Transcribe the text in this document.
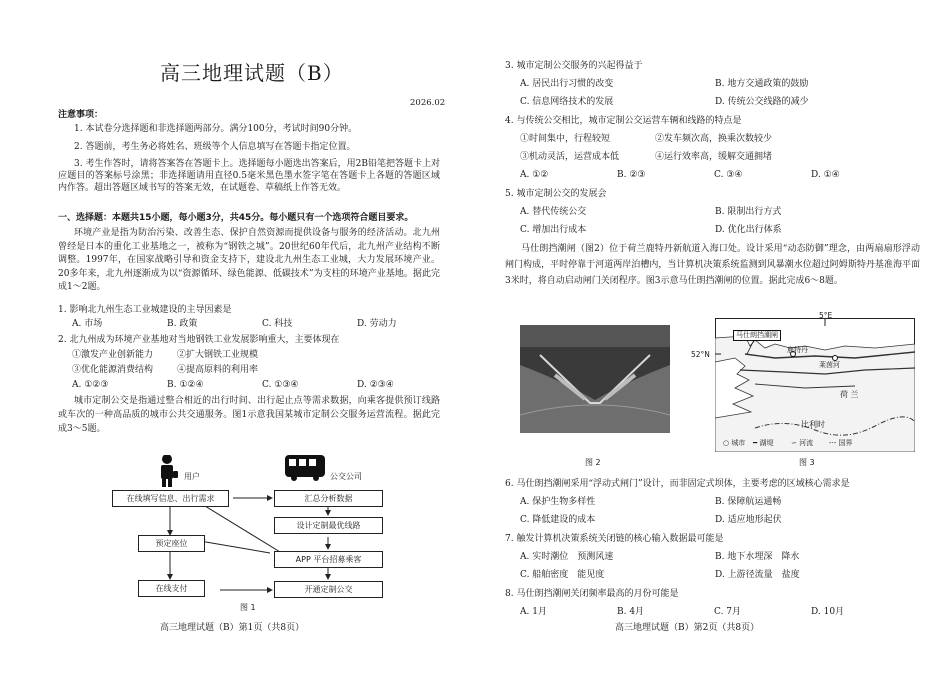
高三地理试题（B）
2026.02
注意事项：
1. 本试卷分选择题和非选择题两部分。满分100分，考试时间90分钟。
2. 答题前，考生务必将姓名、班级等个人信息填写在答题卡指定位置。
3. 考生作答时，请将答案答在答题卡上。选择题每小题选出答案后，用2B铅笔把答题卡上对应题目的答案标号涂黑；非选择题请用直径0.5毫米黑色墨水签字笔在答题卡上各题的答题区域内作答。超出答题区域书写的答案无效，在试题卷、草稿纸上作答无效。
一、选择题：本题共15小题，每小题3分，共45分。每小题只有一个选项符合题目要求。
环境产业是指为防治污染、改善生态、保护自然资源而提供设备与服务的经济活动。北九州曾经是日本的重化工业基地之一，被称为“钢铁之城”。20世纪60年代后，北九州产业结构不断调整。1997年，在国家战略引导和资金支持下，建设北九州生态工业城，大力发展环境产业。20多年来，北九州逐渐成为以“资源循环、绿色能源、低碳技术”为支柱的环境产业基地。据此完成1～2题。
1. 影响北九州生态工业城建设的主导因素是
A. 市场	B. 政策	C. 科技	D. 劳动力
2. 北九州成为环境产业基地对当地钢铁工业发展影响重大，主要体现在
①激发产业创新能力	②扩大钢铁工业规模
③优化能源消费结构	④提高原料的利用率
A. ①②③	B. ①②④	C. ①③④	D. ②③④
城市定制公交是指通过整合相近的出行时间、出行起止点等需求数据，向乘客提供预订线路或车次的一种高品质的城市公共交通服务。图1示意我国某城市定制公交服务运营流程。据此完成3～5题。
用户	公交公司
在线填写信息、出行需求
预定座位
在线支付
汇总分析数据
设计定制最优线路
APP 平台招募乘客
开通定制公交
图 1
高三地理试题（B）第1页（共8页）
3. 城市定制公交服务的兴起得益于
A. 居民出行习惯的改变	B. 地方交通政策的鼓励
C. 信息网络技术的发展	D. 传统公交线路的减少
4. 与传统公交相比，城市定制公交运营车辆和线路的特点是
①时间集中，行程较短	②发车频次高，换乘次数较少
③机动灵活，运营成本低	④运行效率高，缓解交通拥堵
A. ①②	B. ②③	C. ③④	D. ①④
5. 城市定制公交的发展会
A. 替代传统公交	B. 限制出行方式
C. 增加出行成本	D. 优化出行体系
马仕朗挡潮闸（图2）位于荷兰鹿特丹新航道入海口处。设计采用“动态防御”理念，由两扇扇形浮动闸门构成，平时停靠于河道两岸泊槽内，当计算机决策系统监测到风暴潮水位超过阿姆斯特丹基准海平面3米时，将自动启动闸门关闭程序。图3示意马仕朗挡潮闸的位置。据此完成6～8题。
图 2
5°E
52°N
马仕朗挡潮闸
鹿特丹
莱茵河
荷 兰
比利时
○ 城市	━ 湖堤	∽ 河流	-·- 国界
图 3
6. 马仕朗挡潮闸采用“浮动式闸门”设计，而非固定式坝体，主要考虑的区域核心需求是
A. 保护生物多样性	B. 保障航运通畅
C. 降低建设的成本	D. 适应地形起伏
7. 触发计算机决策系统关闭链的核心输入数据最可能是
A. 实时潮位　预测风速	B. 地下水埋深　降水
C. 船舶密度　能见度	D. 上游径流量　盐度
8. 马仕朗挡潮闸关闭频率最高的月份可能是
A. 1月	B. 4月	C. 7月	D. 10月
高三地理试题（B）第2页（共8页）
